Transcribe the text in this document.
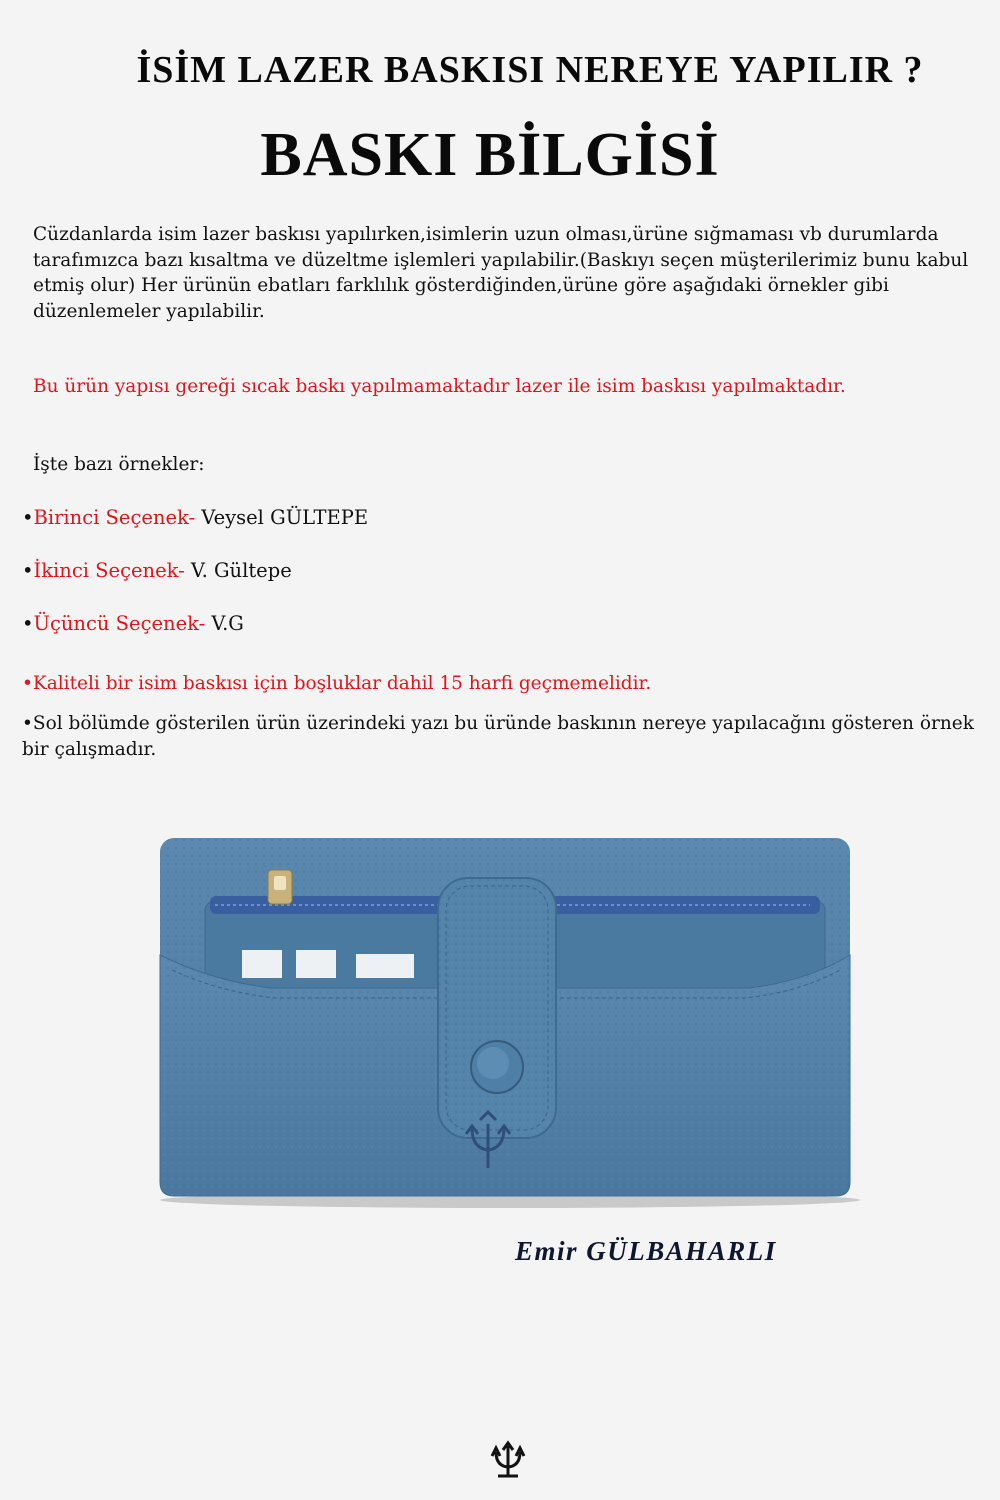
İSİM LAZER BASKISI NEREYE YAPILIR ?
BASKI BİLGİSİ

Cüzdanlarda isim lazer baskısı yapılırken,isimlerin uzun olması,ürüne sığmaması vb durumlarda tarafımızca bazı kısaltma ve düzeltme işlemleri yapılabilir.(Baskıyı seçen müşterilerimiz bunu kabul etmiş olur) Her ürünün ebatları farklılık gösterdiğinden,ürüne göre aşağıdaki örnekler gibi düzenlemeler yapılabilir.

Bu ürün yapısı gereği sıcak baskı yapılmamaktadır lazer ile isim baskısı yapılmaktadır.

İşte bazı örnekler:

•Birinci Seçenek- Veysel GÜLTEPE

•İkinci Seçenek- V. Gültepe

•Üçüncü Seçenek- V.G

•Kaliteli bir isim baskısı için boşluklar dahil 15 harfi geçmemelidir.

•Sol bölümde gösterilen ürün üzerindeki yazı bu üründe baskının nereye yapılacağını gösteren örnek bir çalışmadır.

Emir GÜLBAHARLI
